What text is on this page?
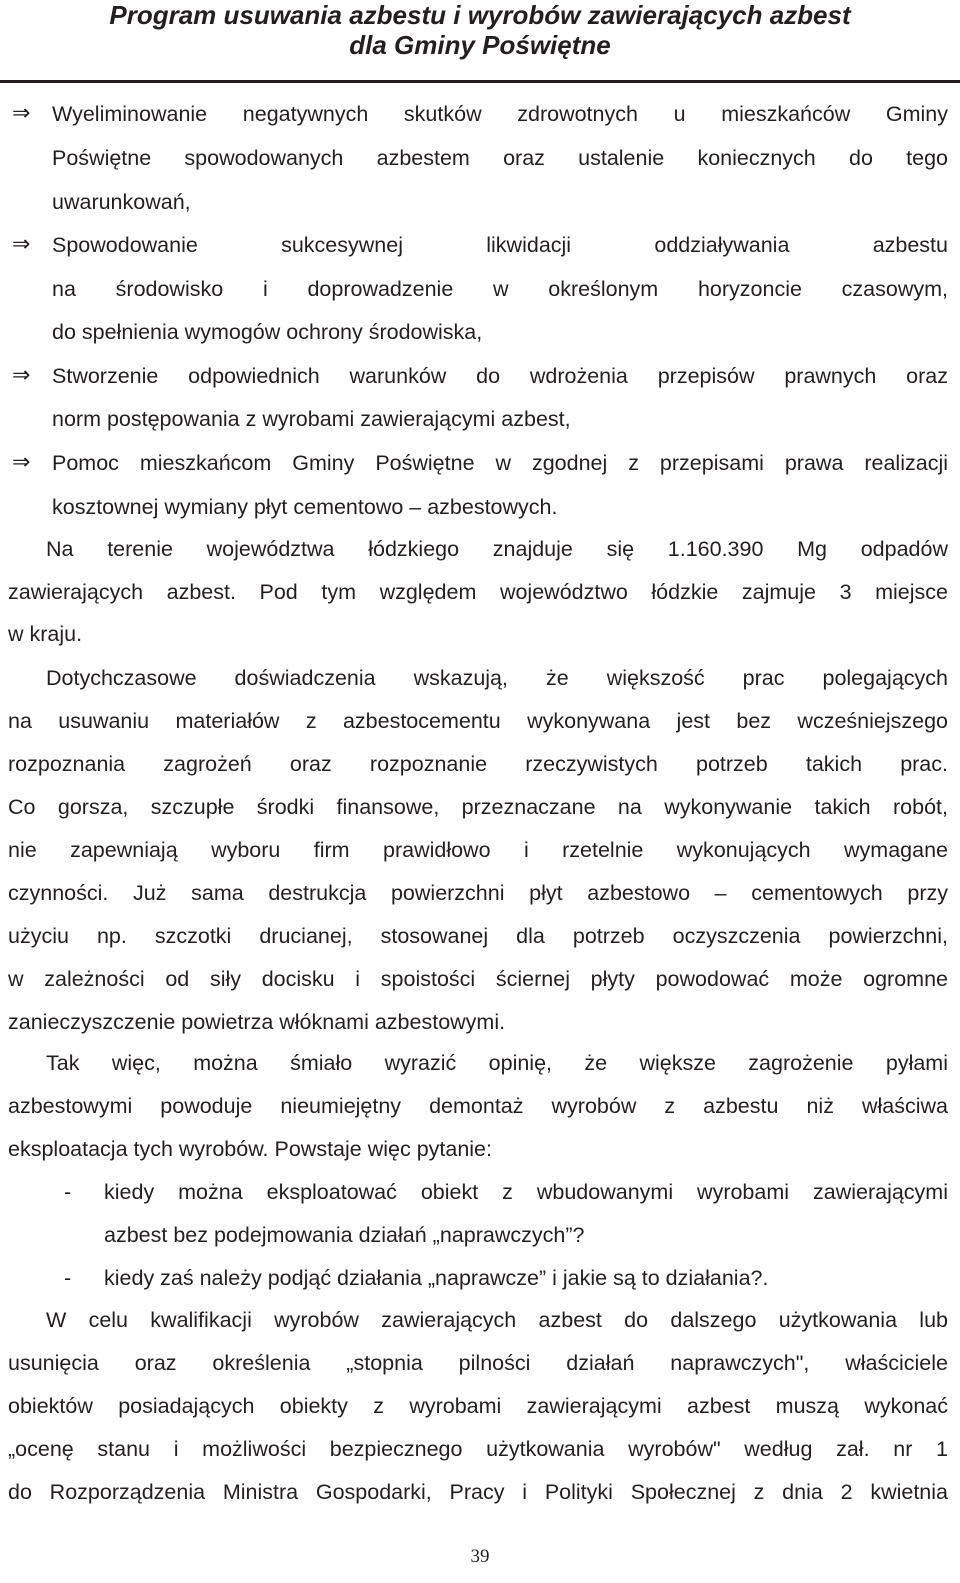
Program usuwania azbestu i wyrobów zawierających azbest
dla Gminy Poświętne
⇒ Wyeliminowanie negatywnych skutków zdrowotnych u mieszkańców Gminy
Poświętne spowodowanych azbestem oraz ustalenie koniecznych do tego
uwarunkowań,
⇒ Spowodowanie sukcesywnej likwidacji oddziaływania azbestu
na środowisko i doprowadzenie w określonym horyzoncie czasowym,
do spełnienia wymogów ochrony środowiska,
⇒ Stworzenie odpowiednich warunków do wdrożenia przepisów prawnych oraz
norm postępowania z wyrobami zawierającymi azbest,
⇒ Pomoc mieszkańcom Gminy Poświętne w zgodnej z przepisami prawa realizacji
kosztownej wymiany płyt cementowo – azbestowych.
Na terenie województwa łódzkiego znajduje się 1.160.390 Mg odpadów
zawierających azbest. Pod tym względem województwo łódzkie zajmuje 3 miejsce
w kraju.
Dotychczasowe doświadczenia wskazują, że większość prac polegających
na usuwaniu materiałów z azbestocementu wykonywana jest bez wcześniejszego
rozpoznania zagrożeń oraz rozpoznanie rzeczywistych potrzeb takich prac.
Co gorsza, szczupłe środki finansowe, przeznaczane na wykonywanie takich robót,
nie zapewniają wyboru firm prawidłowo i rzetelnie wykonujących wymagane
czynności. Już sama destrukcja powierzchni płyt azbestowo – cementowych przy
użyciu np. szczotki drucianej, stosowanej dla potrzeb oczyszczenia powierzchni,
w zależności od siły docisku i spoistości ściernej płyty powodować może ogromne
zanieczyszczenie powietrza włóknami azbestowymi.
Tak więc, można śmiało wyrazić opinię, że większe zagrożenie pyłami
azbestowymi powoduje nieumiejętny demontaż wyrobów z azbestu niż właściwa
eksploatacja tych wyrobów. Powstaje więc pytanie:
- kiedy można eksploatować obiekt z wbudowanymi wyrobami zawierającymi
azbest bez podejmowania działań „naprawczych”?
- kiedy zaś należy podjąć działania „naprawcze” i jakie są to działania?.
W celu kwalifikacji wyrobów zawierających azbest do dalszego użytkowania lub
usunięcia oraz określenia „stopnia pilności działań naprawczych", właściciele
obiektów posiadających obiekty z wyrobami zawierającymi azbest muszą wykonać
„ocenę stanu i możliwości bezpiecznego użytkowania wyrobów" według zał. nr 1
do Rozporządzenia Ministra Gospodarki, Pracy i Polityki Społecznej z dnia 2 kwietnia
39
